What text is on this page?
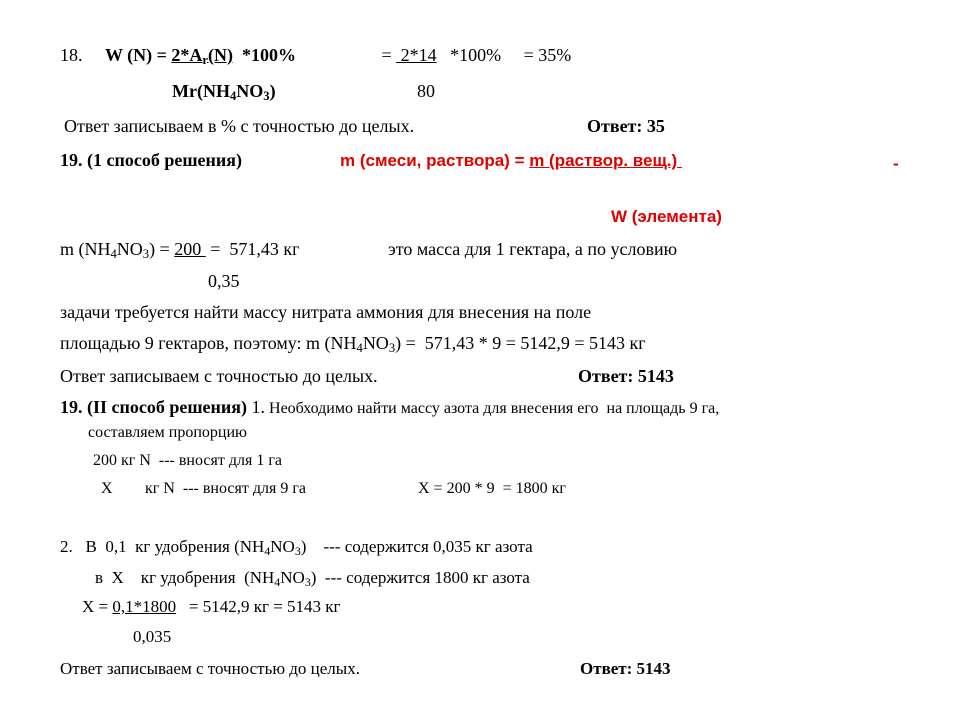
18. W $(N) = 2*A_r(N)$  *100%	=  2*14   *100%     = 35%
$Mr(NH_4NO_3)$	80
Ответ записываем в % с точностью до целых.	Ответ: 35
19. (1 способ решения)	m (смеси, раствора) = m (раствор. вещ.)	-
W (элемента)
m $(NH_4NO_3) = 200 = 571,43$ кг	это масса для 1 гектара, а по условию
0,35
задачи требуется найти массу нитрата аммония для внесения на поле
площадью 9 гектаров, поэтому: m $(NH_4NO_3) = 571,43 * 9 = 5142,9 = 5143$ кг
Ответ записываем с точностью до целых.	Ответ: 5143
19. (II способ решения) 1. Необходимо найти массу азота для внесения его  на площадь 9 га,
составляем пропорцию
200 кг N  --- вносят для 1 га
X кг N  --- вносят для 9 га	X = 200 * 9  = 1800 кг
2.   В  0,1  кг удобрения $(NH_4NO_3)$    --- содержится 0,035 кг азота
в  X    кг удобрения  $(NH_4NO_3)$  --- содержится 1800 кг азота
X = 0,1*1800   = 5142,9 кг = 5143 кг
0,035
Ответ записываем с точностью до целых.	Ответ: 5143
